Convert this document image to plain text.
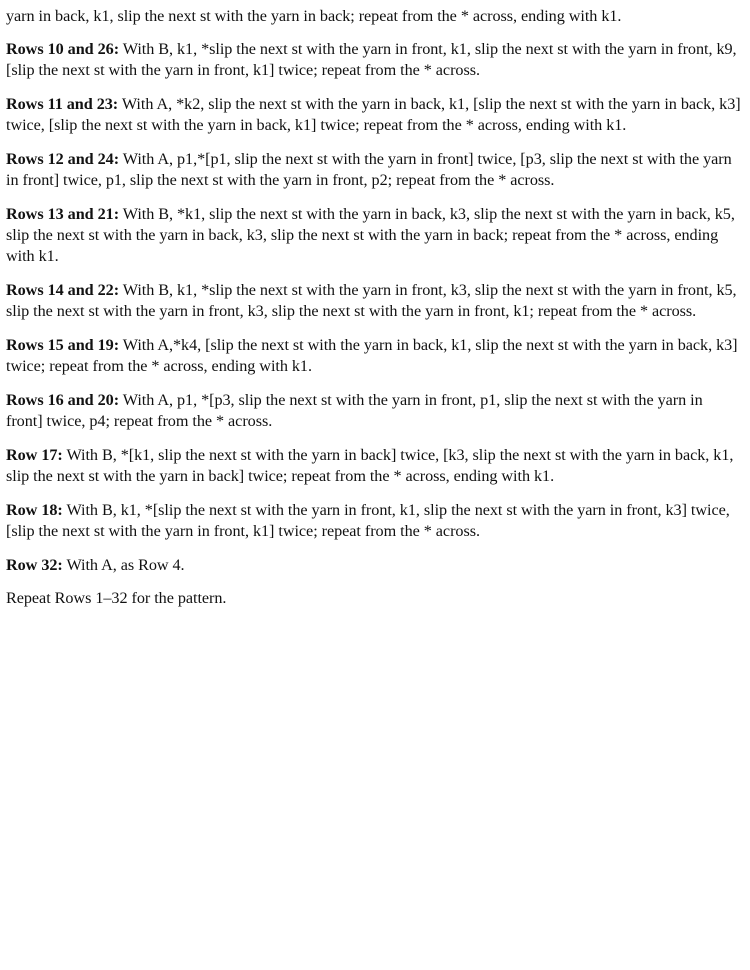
yarn in back, k1, slip the next st with the yarn in back; repeat from the * across, ending with k1.

Rows 10 and 26: With B, k1, *slip the next st with the yarn in front, k1, slip the next st with the yarn in front, k9, [slip the next st with the yarn in front, k1] twice; repeat from the * across.

Rows 11 and 23: With A, *k2, slip the next st with the yarn in back, k1, [slip the next st with the yarn in back, k3] twice, [slip the next st with the yarn in back, k1] twice; repeat from the * across, ending with k1.

Rows 12 and 24: With A, p1,*[p1, slip the next st with the yarn in front] twice, [p3, slip the next st with the yarn in front] twice, p1, slip the next st with the yarn in front, p2; repeat from the * across.

Rows 13 and 21: With B, *k1, slip the next st with the yarn in back, k3, slip the next st with the yarn in back, k5, slip the next st with the yarn in back, k3, slip the next st with the yarn in back; repeat from the * across, ending with k1.

Rows 14 and 22: With B, k1, *slip the next st with the yarn in front, k3, slip the next st with the yarn in front, k5, slip the next st with the yarn in front, k3, slip the next st with the yarn in front, k1; repeat from the * across.

Rows 15 and 19: With A,*k4, [slip the next st with the yarn in back, k1, slip the next st with the yarn in back, k3] twice; repeat from the * across, ending with k1.

Rows 16 and 20: With A, p1, *[p3, slip the next st with the yarn in front, p1, slip the next st with the yarn in front] twice, p4; repeat from the * across.

Row 17: With B, *[k1, slip the next st with the yarn in back] twice, [k3, slip the next st with the yarn in back, k1, slip the next st with the yarn in back] twice; repeat from the * across, ending with k1.

Row 18: With B, k1, *[slip the next st with the yarn in front, k1, slip the next st with the yarn in front, k3] twice, [slip the next st with the yarn in front, k1] twice; repeat from the * across.

Row 32: With A, as Row 4.

Repeat Rows 1–32 for the pattern.
